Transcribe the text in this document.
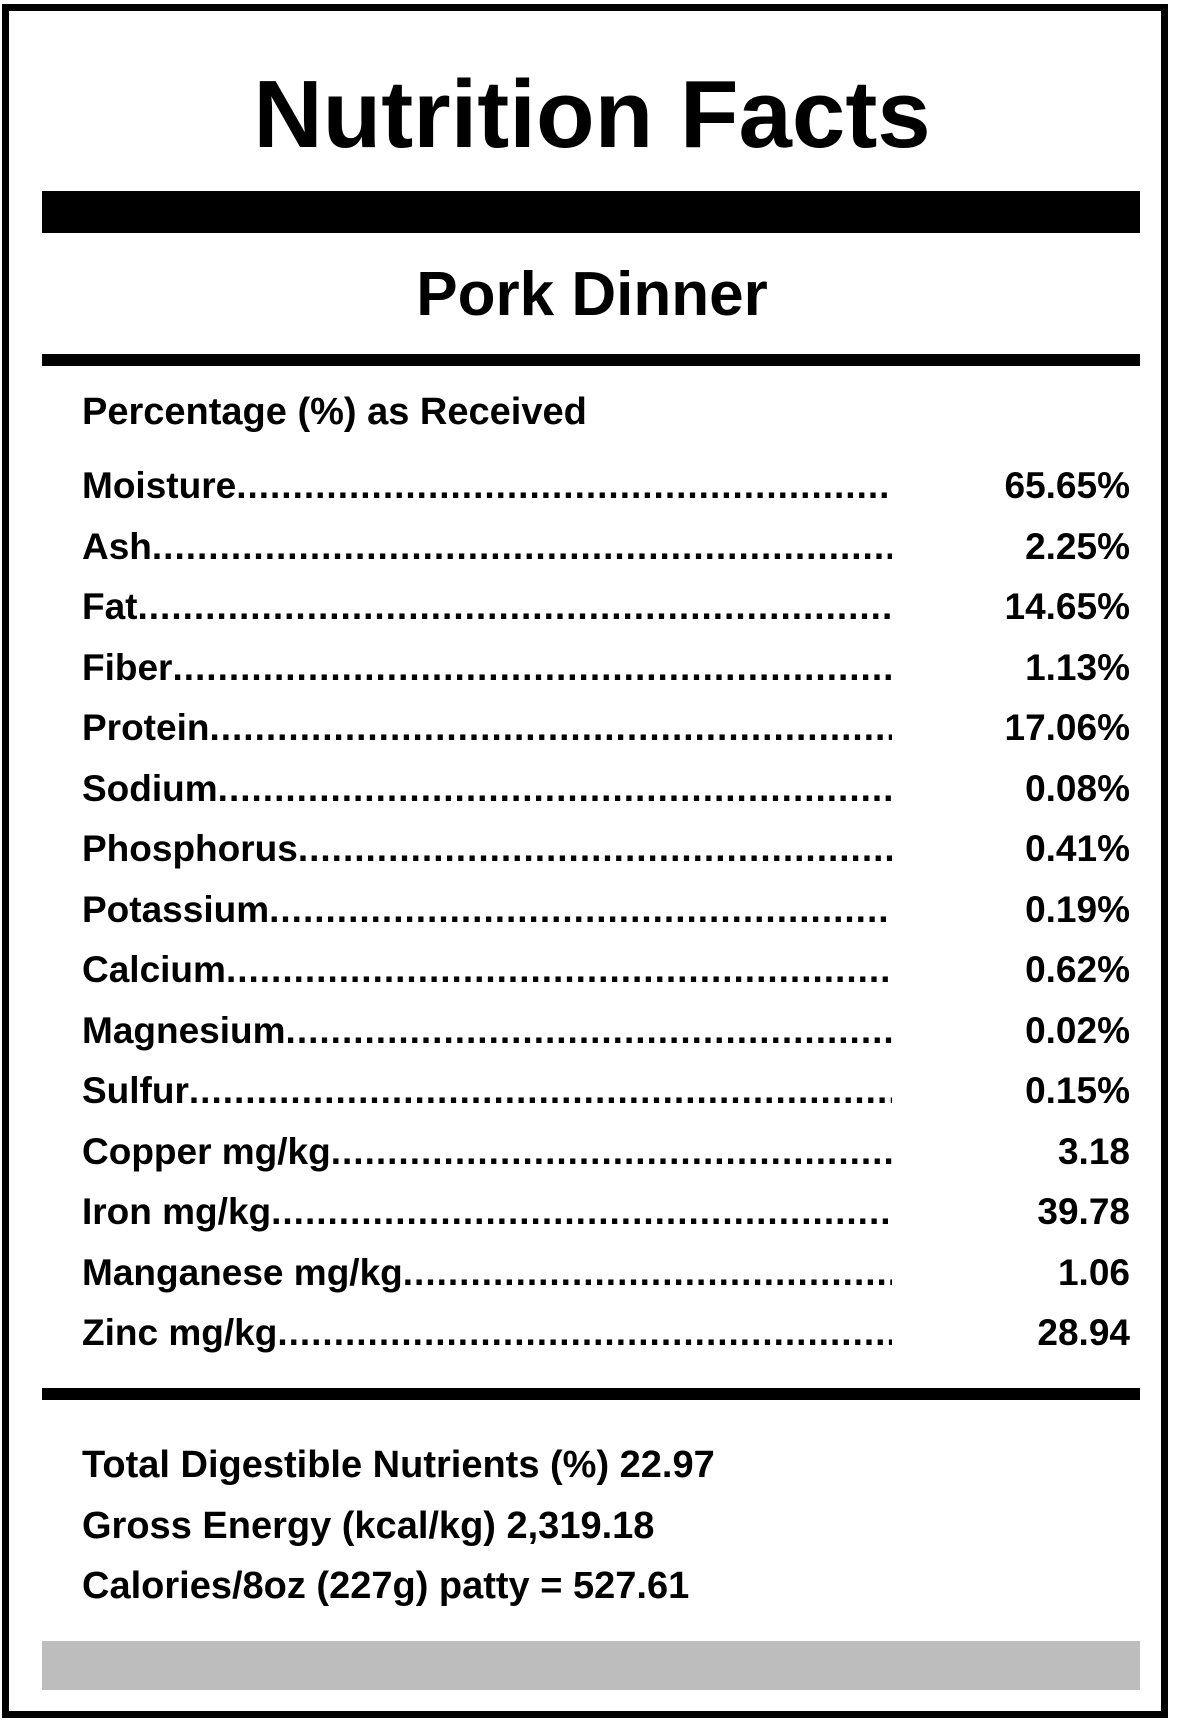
Nutrition Facts
Pork Dinner
Percentage (%) as Received
Moisture .....	65.65%
Ash .....	2.25%
Fat .....	14.65%
Fiber .....	1.13%
Protein .....	17.06%
Sodium .....	0.08%
Phosphorus .....	0.41%
Potassium .....	0.19%
Calcium .....	0.62%
Magnesium .....	0.02%
Sulfur .....	0.15%
Copper mg/kg .....	3.18
Iron mg/kg .....	39.78
Manganese mg/kg .....	1.06
Zinc mg/kg .....	28.94
Total Digestible Nutrients (%) 22.97
Gross Energy (kcal/kg) 2,319.18
Calories/8oz (227g) patty = 527.61
